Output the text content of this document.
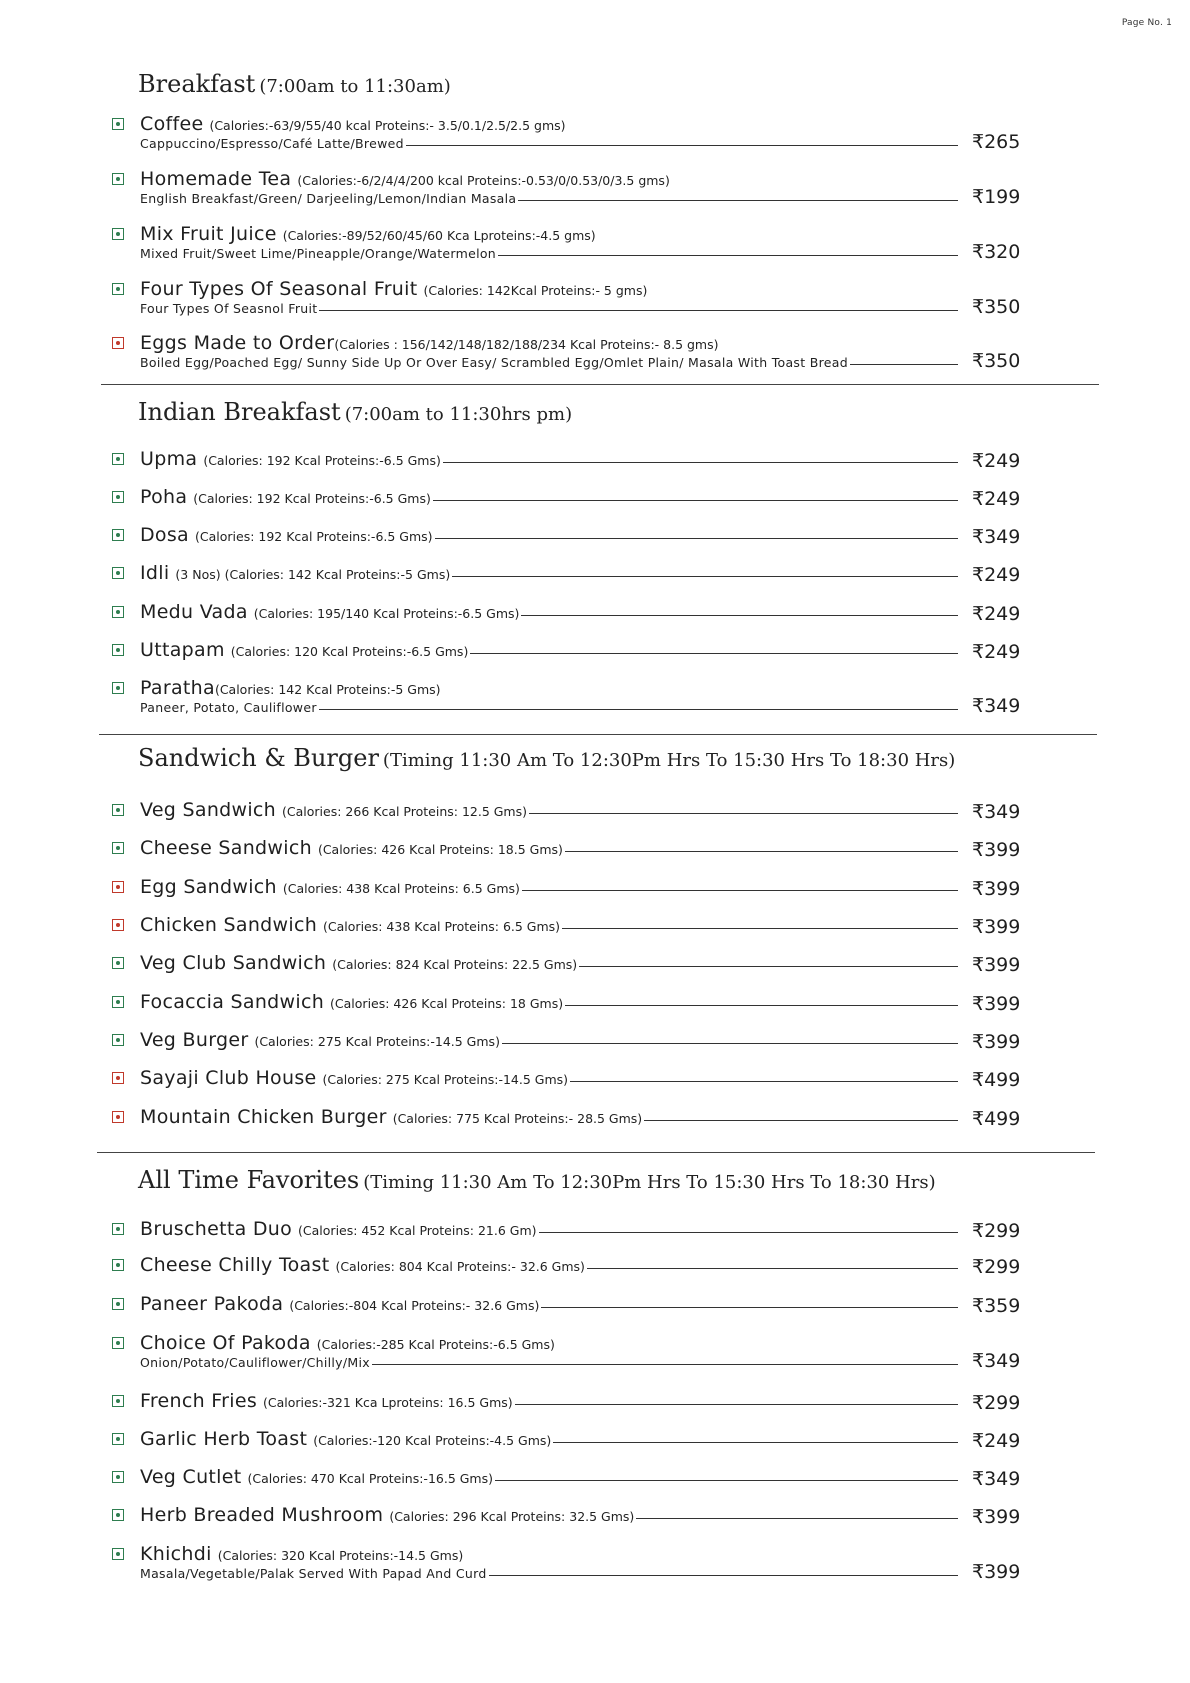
Page No. 1
Breakfast (7:00am to 11:30am)
Coffee (Calories:-63/9/55/40 kcal Proteins:- 3.5/0.1/2.5/2.5 gms)
Cappuccino/Espresso/Café Latte/Brewed	₹265
Homemade Tea (Calories:-6/2/4/4/200 kcal Proteins:-0.53/0/0.53/0/3.5 gms)
English Breakfast/Green/ Darjeeling/Lemon/Indian Masala	₹199
Mix Fruit Juice (Calories:-89/52/60/45/60 Kca Lproteins:-4.5 gms)
Mixed Fruit/Sweet Lime/Pineapple/Orange/Watermelon	₹320
Four Types Of Seasonal Fruit (Calories: 142Kcal Proteins:- 5 gms)
Four Types Of Seasnol Fruit	₹350
Eggs Made to Order (Calories : 156/142/148/182/188/234 Kcal Proteins:- 8.5 gms)
Boiled Egg/Poached Egg/ Sunny Side Up Or Over Easy/ Scrambled Egg/Omlet Plain/ Masala With Toast Bread	₹350
Indian Breakfast (7:00am to 11:30hrs pm)
Upma (Calories: 192 Kcal Proteins:-6.5 Gms)	₹249
Poha (Calories: 192 Kcal Proteins:-6.5 Gms)	₹249
Dosa (Calories: 192 Kcal Proteins:-6.5 Gms)	₹349
Idli (3 Nos) (Calories: 142 Kcal Proteins:-5 Gms)	₹249
Medu Vada (Calories: 195/140 Kcal Proteins:-6.5 Gms)	₹249
Uttapam (Calories: 120 Kcal Proteins:-6.5 Gms)	₹249
Paratha (Calories: 142 Kcal Proteins:-5 Gms)
Paneer, Potato, Cauliflower	₹349
Sandwich & Burger (Timing 11:30 Am To 12:30Pm Hrs To 15:30 Hrs To 18:30 Hrs)
Veg Sandwich (Calories: 266 Kcal Proteins: 12.5 Gms)	₹349
Cheese Sandwich (Calories: 426 Kcal Proteins: 18.5 Gms)	₹399
Egg Sandwich (Calories: 438 Kcal Proteins: 6.5 Gms)	₹399
Chicken Sandwich (Calories: 438 Kcal Proteins: 6.5 Gms)	₹399
Veg Club Sandwich (Calories: 824 Kcal Proteins: 22.5 Gms)	₹399
Focaccia Sandwich (Calories: 426 Kcal Proteins: 18 Gms)	₹399
Veg Burger (Calories: 275 Kcal Proteins:-14.5 Gms)	₹399
Sayaji Club House (Calories: 275 Kcal Proteins:-14.5 Gms)	₹499
Mountain Chicken Burger (Calories: 775 Kcal Proteins:- 28.5 Gms)	₹499
All Time Favorites (Timing 11:30 Am To 12:30Pm Hrs To 15:30 Hrs To 18:30 Hrs)
Bruschetta Duo (Calories: 452 Kcal Proteins: 21.6 Gm)	₹299
Cheese Chilly Toast (Calories: 804 Kcal Proteins:- 32.6 Gms)	₹299
Paneer Pakoda (Calories:-804 Kcal Proteins:- 32.6 Gms)	₹359
Choice Of Pakoda (Calories:-285 Kcal Proteins:-6.5 Gms)
Onion/Potato/Cauliflower/Chilly/Mix	₹349
French Fries (Calories:-321 Kca Lproteins: 16.5 Gms)	₹299
Garlic Herb Toast (Calories:-120 Kcal Proteins:-4.5 Gms)	₹249
Veg Cutlet (Calories: 470 Kcal Proteins:-16.5 Gms)	₹349
Herb Breaded Mushroom (Calories: 296 Kcal Proteins: 32.5 Gms)	₹399
Khichdi (Calories: 320 Kcal Proteins:-14.5 Gms)
Masala/Vegetable/Palak Served With Papad And Curd	₹399
